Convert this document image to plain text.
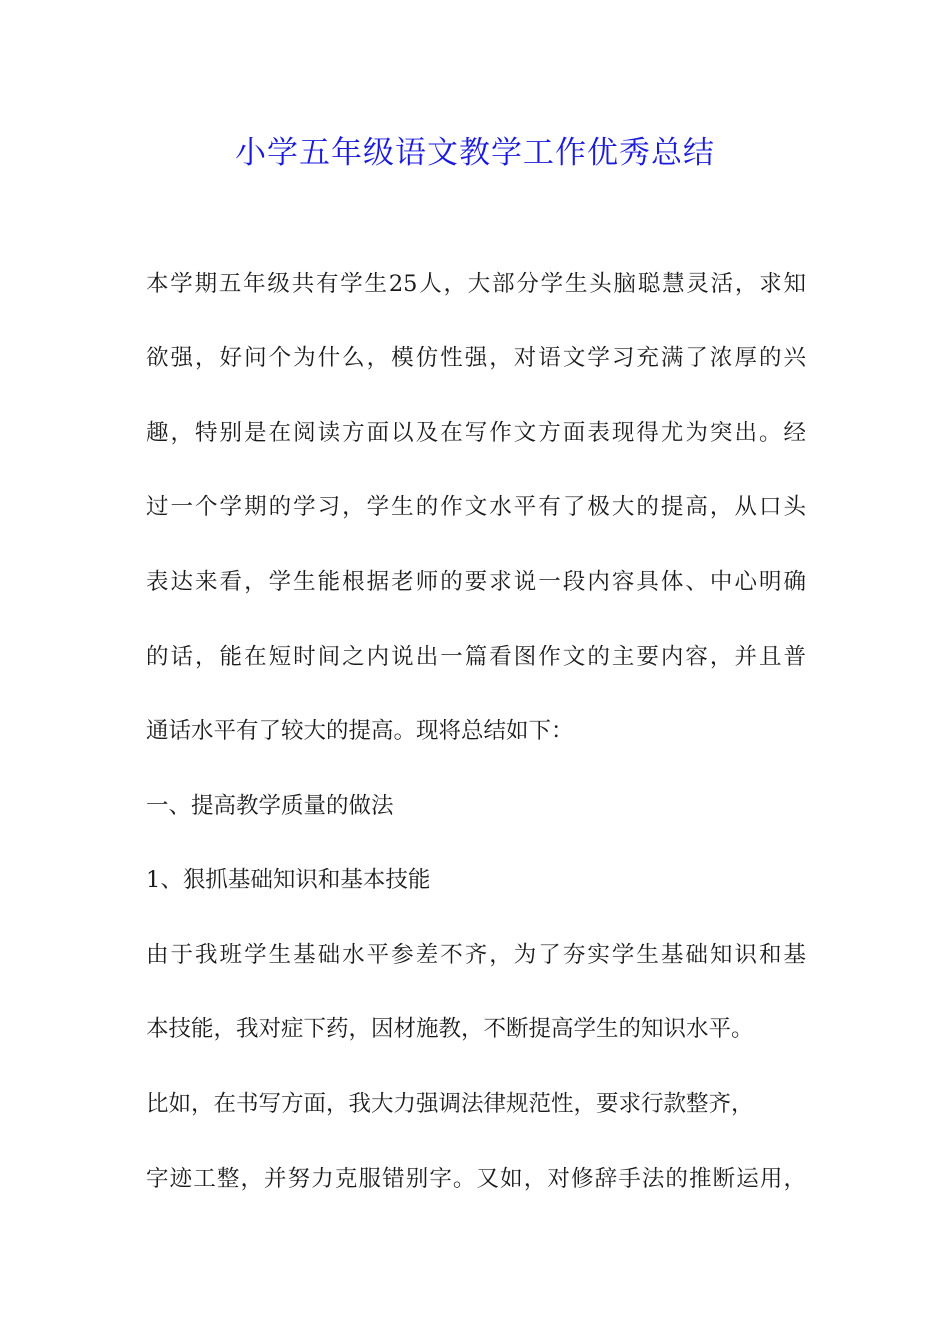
小学五年级语文教学工作优秀总结

本学期五年级共有学生25人，大部分学生头脑聪慧灵活，求知

欲强，好问个为什么，模仿性强，对语文学习充满了浓厚的兴

趣，特别是在阅读方面以及在写作文方面表现得尤为突出。经

过一个学期的学习，学生的作文水平有了极大的提高，从口头

表达来看，学生能根据老师的要求说一段内容具体、中心明确

的话，能在短时间之内说出一篇看图作文的主要内容，并且普

通话水平有了较大的提高。现将总结如下：

一、提高教学质量的做法

1、狠抓基础知识和基本技能

由于我班学生基础水平参差不齐，为了夯实学生基础知识和基

本技能，我对症下药，因材施教，不断提高学生的知识水平。

比如，在书写方面，我大力强调法律规范性，要求行款整齐，

字迹工整，并努力克服错别字。又如，对修辞手法的推断运用，
